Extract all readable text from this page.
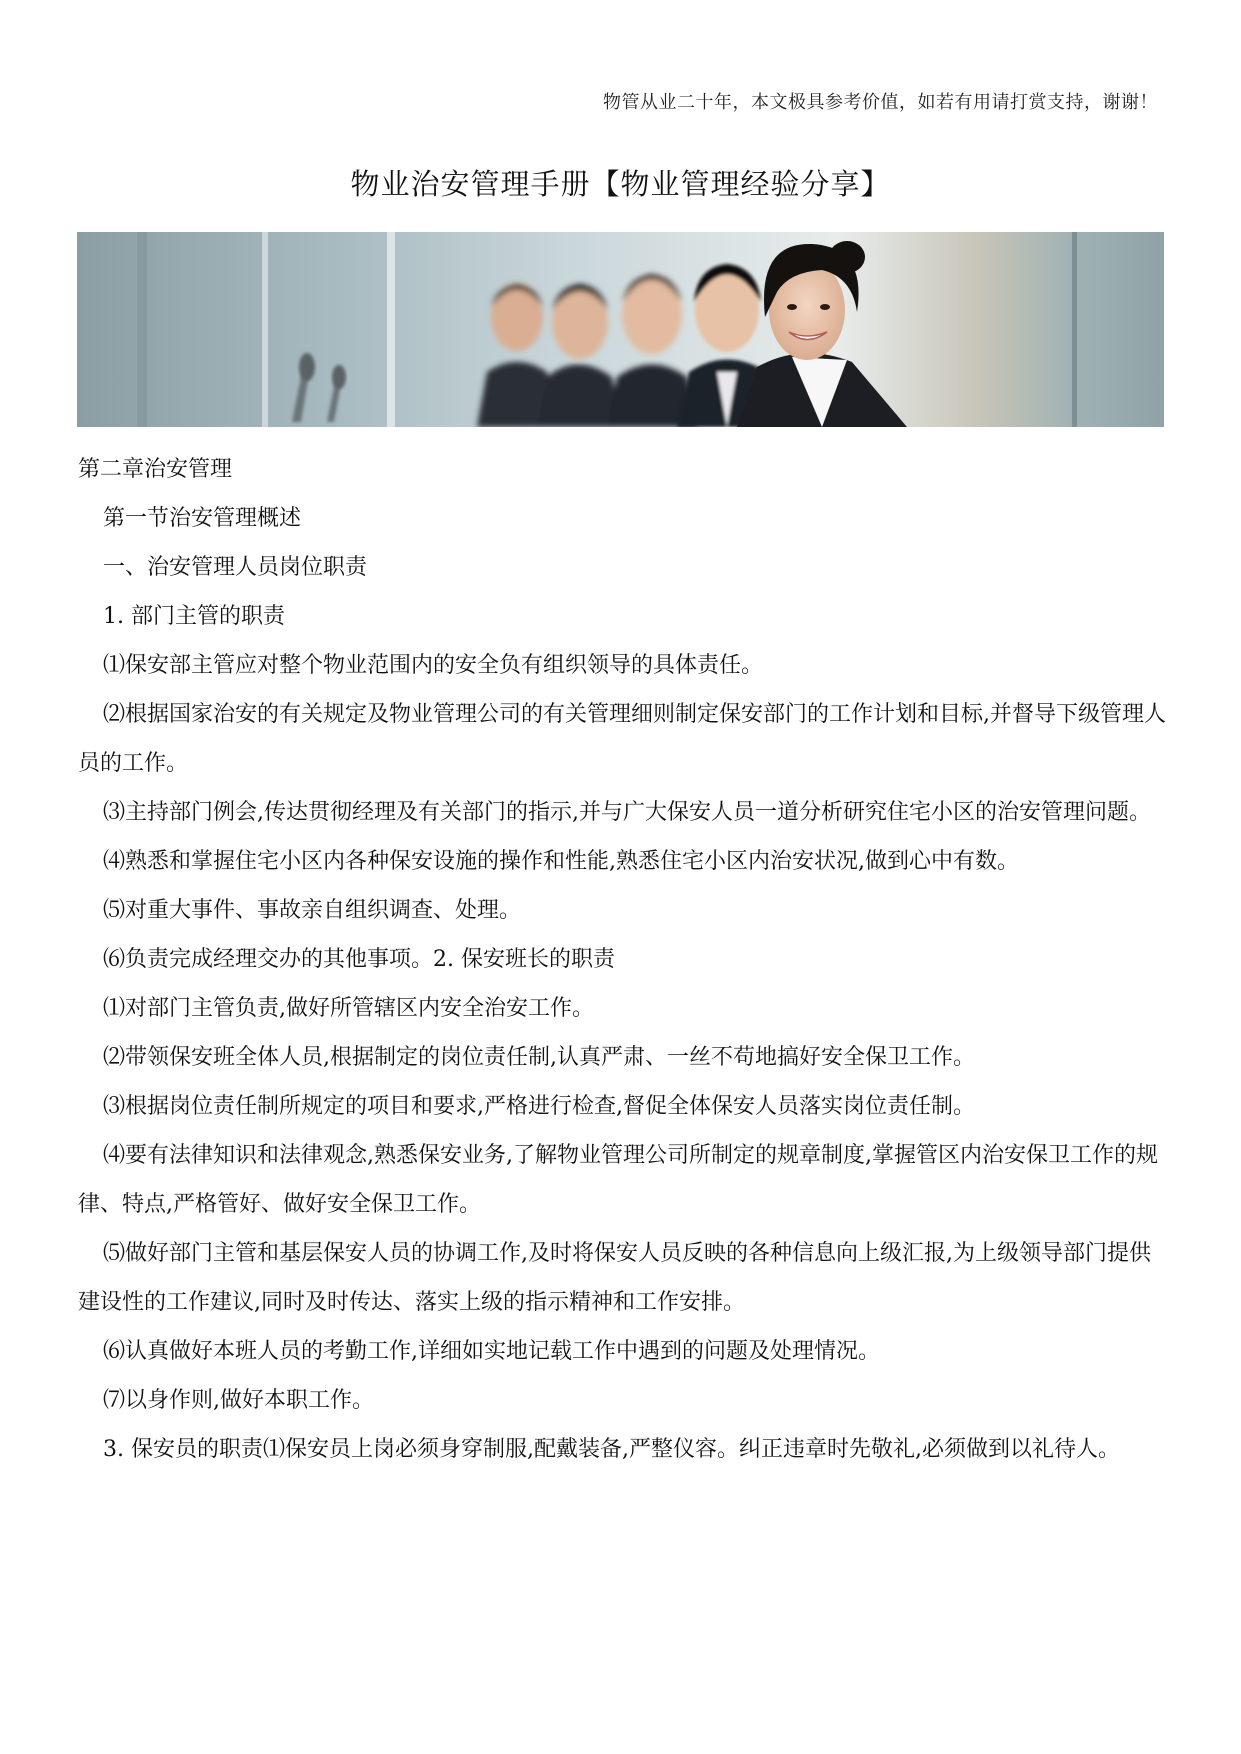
物管从业二十年，本文极具参考价值，如若有用请打赏支持，谢谢！
物业治安管理手册【物业管理经验分享】

第二章治安管理

第一节治安管理概述

一、治安管理人员岗位职责

1. 部门主管的职责

⑴保安部主管应对整个物业范围内的安全负有组织领导的具体责任。

⑵根据国家治安的有关规定及物业管理公司的有关管理细则制定保安部门的工作计划和目标,并督导下级管理人员的工作。

⑶主持部门例会,传达贯彻经理及有关部门的指示,并与广大保安人员一道分析研究住宅小区的治安管理问题。

⑷熟悉和掌握住宅小区内各种保安设施的操作和性能,熟悉住宅小区内治安状况,做到心中有数。

⑸对重大事件、事故亲自组织调查、处理。

⑹负责完成经理交办的其他事项。2. 保安班长的职责

⑴对部门主管负责,做好所管辖区内安全治安工作。

⑵带领保安班全体人员,根据制定的岗位责任制,认真严肃、一丝不苟地搞好安全保卫工作。

⑶根据岗位责任制所规定的项目和要求,严格进行检查,督促全体保安人员落实岗位责任制。

⑷要有法律知识和法律观念,熟悉保安业务,了解物业管理公司所制定的规章制度,掌握管区内治安保卫工作的规律、特点,严格管好、做好安全保卫工作。

⑸做好部门主管和基层保安人员的协调工作,及时将保安人员反映的各种信息向上级汇报,为上级领导部门提供建设性的工作建议,同时及时传达、落实上级的指示精神和工作安排。

⑹认真做好本班人员的考勤工作,详细如实地记载工作中遇到的问题及处理情况。

⑺以身作则,做好本职工作。

3. 保安员的职责⑴保安员上岗必须身穿制服,配戴装备,严整仪容。纠正违章时先敬礼,必须做到以礼待人。
